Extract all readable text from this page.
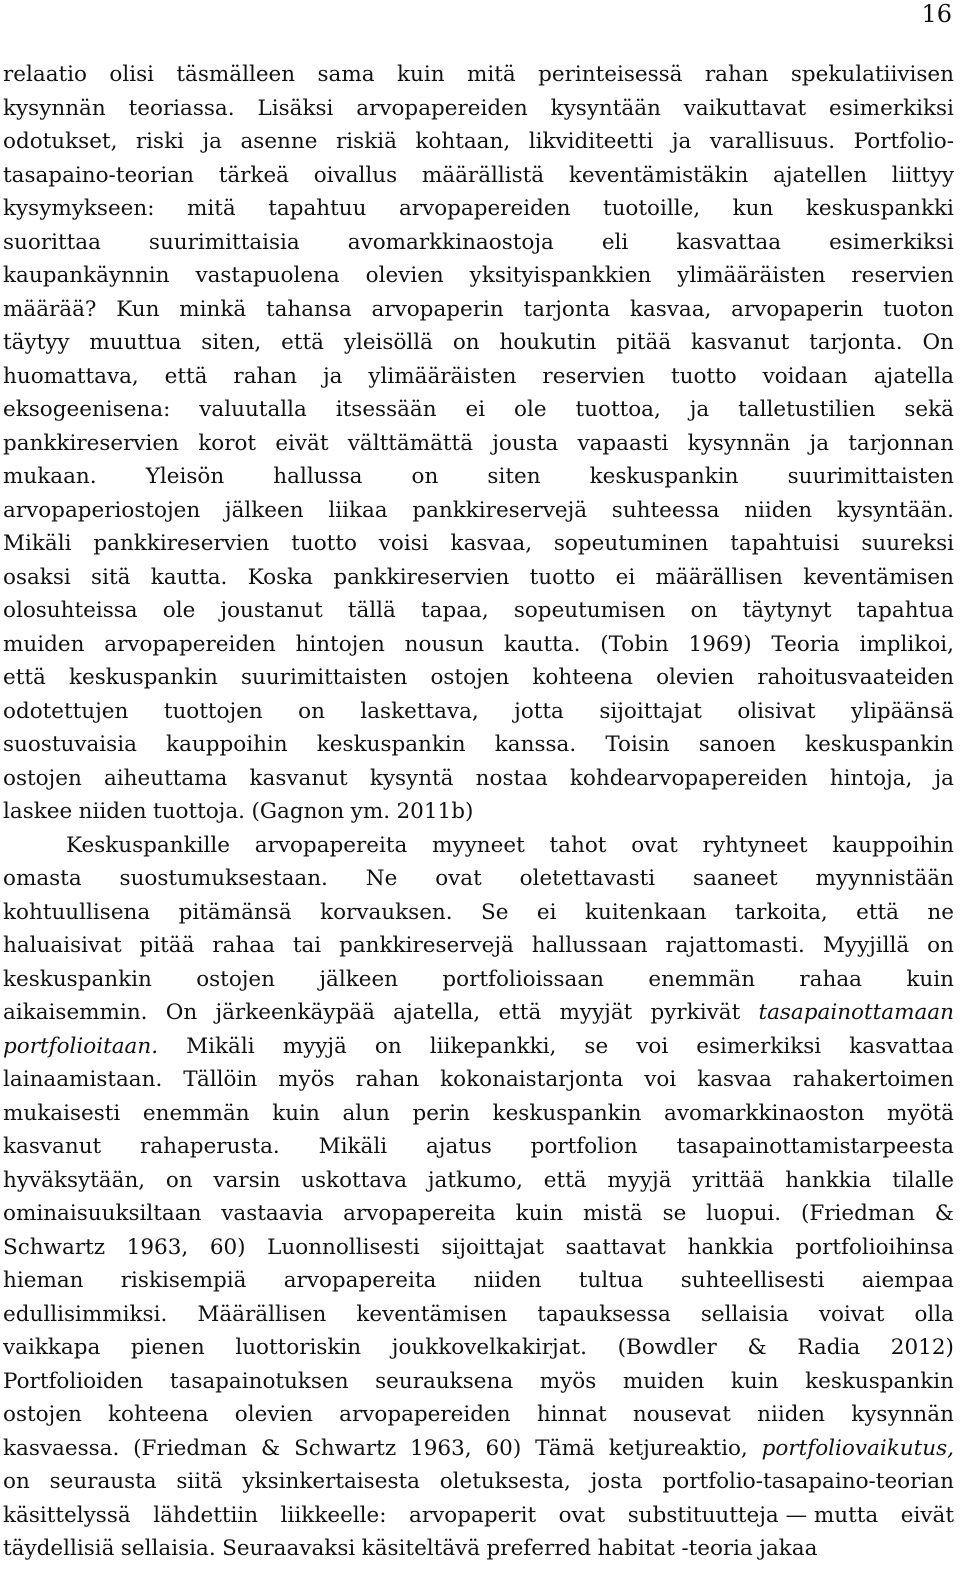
16
relaatio olisi täsmälleen sama kuin mitä perinteisessä rahan spekulatiivisen
kysynnän teoriassa. Lisäksi arvopapereiden kysyntään vaikuttavat esimerkiksi
odotukset, riski ja asenne riskiä kohtaan, likviditeetti ja varallisuus. Portfolio-
tasapaino-teorian tärkeä oivallus määrällistä keventämistäkin ajatellen liittyy
kysymykseen: mitä tapahtuu arvopapereiden tuotoille, kun keskuspankki
suorittaa suurimittaisia avomarkkinaostoja eli kasvattaa esimerkiksi
kaupankäynnin vastapuolena olevien yksityispankkien ylimääräisten reservien
määrää? Kun minkä tahansa arvopaperin tarjonta kasvaa, arvopaperin tuoton
täytyy muuttua siten, että yleisöllä on houkutin pitää kasvanut tarjonta. On
huomattava, että rahan ja ylimääräisten reservien tuotto voidaan ajatella
eksogeenisena: valuutalla itsessään ei ole tuottoa, ja talletustilien sekä
pankkireservien korot eivät välttämättä jousta vapaasti kysynnän ja tarjonnan
mukaan. Yleisön hallussa on siten keskuspankin suurimittaisten
arvopaperiostojen jälkeen liikaa pankkireservejä suhteessa niiden kysyntään.
Mikäli pankkireservien tuotto voisi kasvaa, sopeutuminen tapahtuisi suureksi
osaksi sitä kautta. Koska pankkireservien tuotto ei määrällisen keventämisen
olosuhteissa ole joustanut tällä tapaa, sopeutumisen on täytynyt tapahtua
muiden arvopapereiden hintojen nousun kautta. (Tobin 1969) Teoria implikoi,
että keskuspankin suurimittaisten ostojen kohteena olevien rahoitusvaateiden
odotettujen tuottojen on laskettava, jotta sijoittajat olisivat ylipäänsä
suostuvaisia kauppoihin keskuspankin kanssa. Toisin sanoen keskuspankin
ostojen aiheuttama kasvanut kysyntä nostaa kohdearvopapereiden hintoja, ja
laskee niiden tuottoja. (Gagnon ym. 2011b)
Keskuspankille arvopapereita myyneet tahot ovat ryhtyneet kauppoihin
omasta suostumuksestaan. Ne ovat oletettavasti saaneet myynnistään
kohtuullisena pitämänsä korvauksen. Se ei kuitenkaan tarkoita, että ne
haluaisivat pitää rahaa tai pankkireservejä hallussaan rajattomasti. Myyjillä on
keskuspankin ostojen jälkeen portfolioissaan enemmän rahaa kuin
aikaisemmin. On järkeenkäypää ajatella, että myyjät pyrkivät tasapainottamaan
portfolioitaan. Mikäli myyjä on liikepankki, se voi esimerkiksi kasvattaa
lainaamistaan. Tällöin myös rahan kokonaistarjonta voi kasvaa rahakertoimen
mukaisesti enemmän kuin alun perin keskuspankin avomarkkinaoston myötä
kasvanut rahaperusta. Mikäli ajatus portfolion tasapainottamistarpeesta
hyväksytään, on varsin uskottava jatkumo, että myyjä yrittää hankkia tilalle
ominaisuuksiltaan vastaavia arvopapereita kuin mistä se luopui. (Friedman &
Schwartz 1963, 60) Luonnollisesti sijoittajat saattavat hankkia portfolioihinsa
hieman riskisempiä arvopapereita niiden tultua suhteellisesti aiempaa
edullisimmiksi. Määrällisen keventämisen tapauksessa sellaisia voivat olla
vaikkapa pienen luottoriskin joukkovelkakirjat. (Bowdler & Radia 2012)
Portfolioiden tasapainotuksen seurauksena myös muiden kuin keskuspankin
ostojen kohteena olevien arvopapereiden hinnat nousevat niiden kysynnän
kasvaessa. (Friedman & Schwartz 1963, 60) Tämä ketjureaktio, portfoliovaikutus,
on seurausta siitä yksinkertaisesta oletuksesta, josta portfolio-tasapaino-teorian
käsittelyssä lähdettiin liikkeelle: arvopaperit ovat substituutteja — mutta eivät
täydellisiä sellaisia. Seuraavaksi käsiteltävä preferred habitat -teoria jakaa
